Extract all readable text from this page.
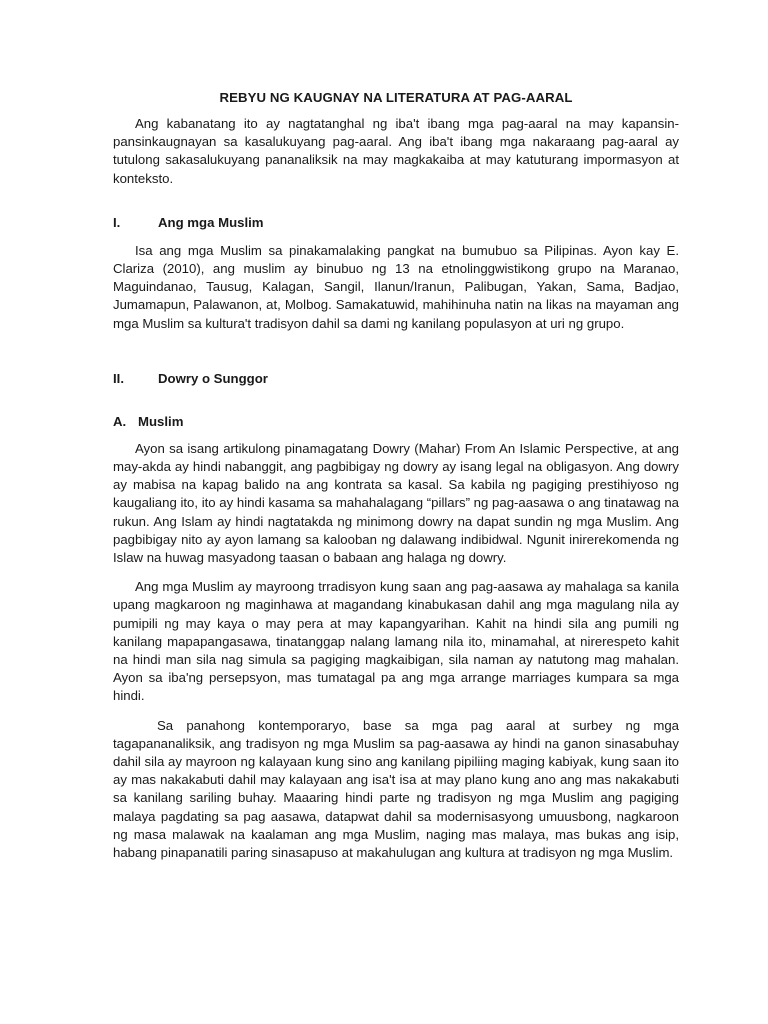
REBYU NG KAUGNAY NA LITERATURA AT PAG-AARAL

Ang kabanatang ito ay nagtatanghal ng iba't ibang mga pag-aaral na may kapansin-pansinkaugnayan sa kasalukuyang pag-aaral. Ang iba't ibang mga nakaraang pag-aaral ay tutulong sakasalukuyang pananaliksik na may magkakaiba at may katuturang impormasyon at konteksto.

I.	Ang mga Muslim

Isa ang mga Muslim sa pinakamalaking pangkat na bumubuo sa Pilipinas. Ayon kay E. Clariza (2010), ang muslim ay binubuo ng 13 na etnolinggwistikong grupo na Maranao, Maguindanao, Tausug, Kalagan, Sangil, Ilanun/Iranun, Palibugan, Yakan, Sama, Badjao, Jumamapun, Palawanon, at, Molbog. Samakatuwid, mahihinuha natin na likas na mayaman ang mga Muslim sa kultura't tradisyon dahil sa dami ng kanilang populasyon at uri ng grupo.

II.	Dowry o Sunggor
A. Muslim

Ayon sa isang artikulong pinamagatang Dowry (Mahar) From An Islamic Perspective, at ang may-akda ay hindi nabanggit, ang pagbibigay ng dowry ay isang legal na obligasyon. Ang dowry ay mabisa na kapag balido na ang kontrata sa kasal. Sa kabila ng pagiging prestihiyoso ng kaugaliang ito, ito ay hindi kasama sa mahahalagang “pillars” ng pag-aasawa o ang tinatawag na rukun. Ang Islam ay hindi nagtatakda ng minimong dowry na dapat sundin ng mga Muslim. Ang pagbibigay nito ay ayon lamang sa kalooban ng dalawang indibidwal. Ngunit inirerekomenda ng Islaw na huwag masyadong taasan o babaan ang halaga ng dowry.

Ang mga Muslim ay mayroong trradisyon kung saan ang pag-aasawa ay mahalaga sa kanila upang magkaroon ng maginhawa at magandang kinabukasan dahil ang mga magulang nila ay pumipili ng may kaya o may pera at may kapangyarihan. Kahit na hindi sila ang pumili ng kanilang mapapangasawa, tinatanggap nalang lamang nila ito, minamahal, at nirerespeto kahit na hindi man sila nag simula sa pagiging magkaibigan, sila naman ay natutong mag mahalan. Ayon sa iba'ng persepsyon, mas tumatagal pa ang mga arrange marriages kumpara sa mga hindi.

Sa panahong kontemporaryo, base sa mga pag aaral at surbey ng mga tagapananaliksik, ang tradisyon ng mga Muslim sa pag-aasawa ay hindi na ganon sinasabuhay dahil sila ay mayroon ng kalayaan kung sino ang kanilang pipiliing maging kabiyak, kung saan ito ay mas nakakabuti dahil may kalayaan ang isa't isa at may plano kung ano ang mas nakakabuti sa kanilang sariling buhay. Maaaring hindi parte ng tradisyon ng mga Muslim ang pagiging malaya pagdating sa pag aasawa, datapwat dahil sa modernisasyong umuusbong, nagkaroon ng masa malawak na kaalaman ang mga Muslim, naging mas malaya, mas bukas ang isip, habang pinapanatili paring sinasapuso at makahulugan ang kultura at tradisyon ng mga Muslim.
